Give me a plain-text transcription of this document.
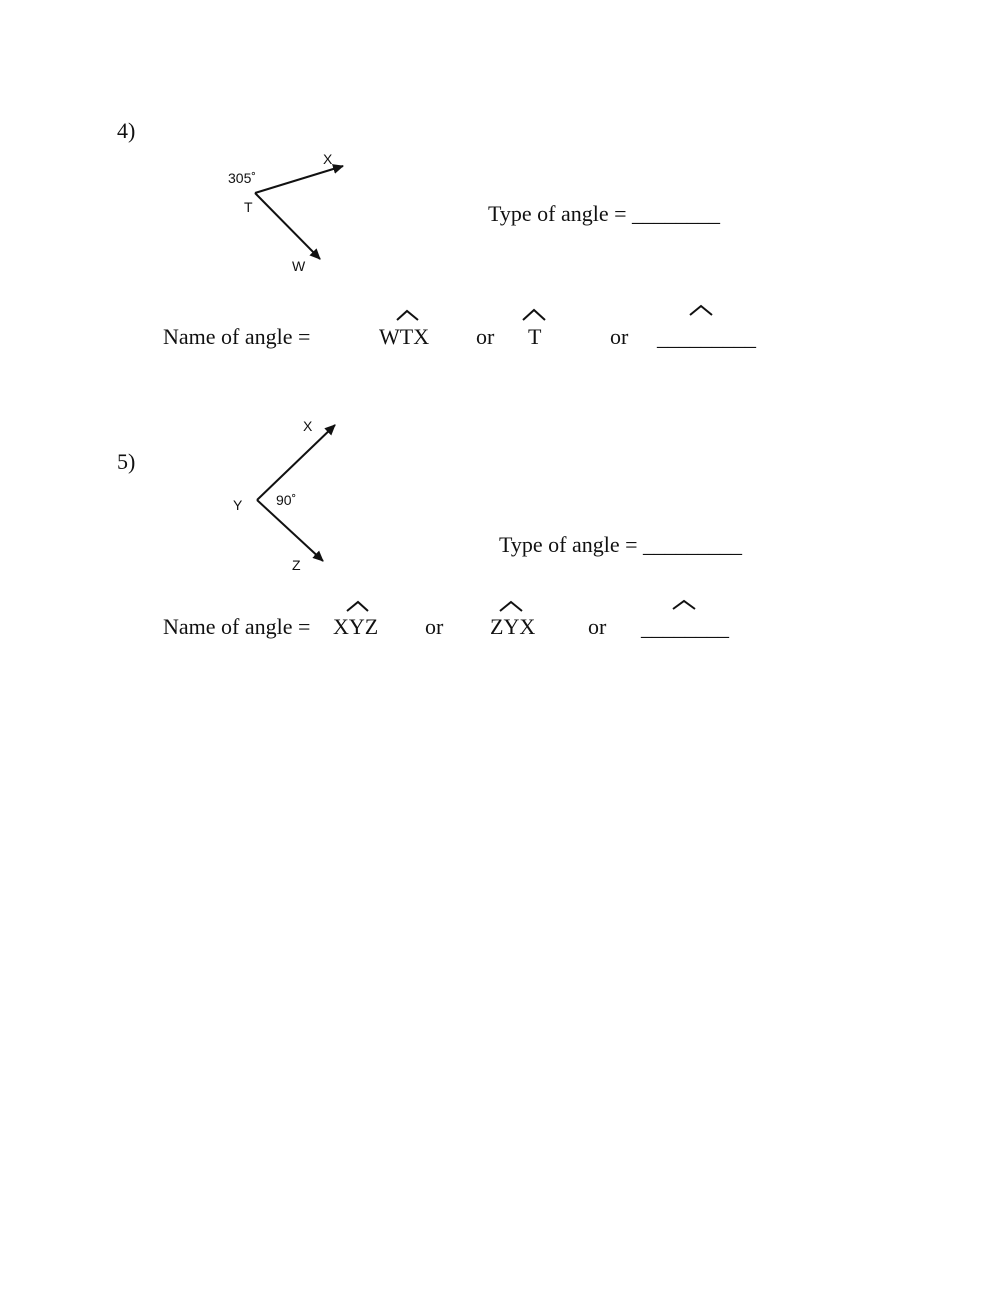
4)
305˚
T
X
W
Type of angle = ________
Name of angle =	WTX or T	or _________
5)
X
Y 90˚
Z
Type of angle = _________
Name of angle = XYZ or ZYX or ________
